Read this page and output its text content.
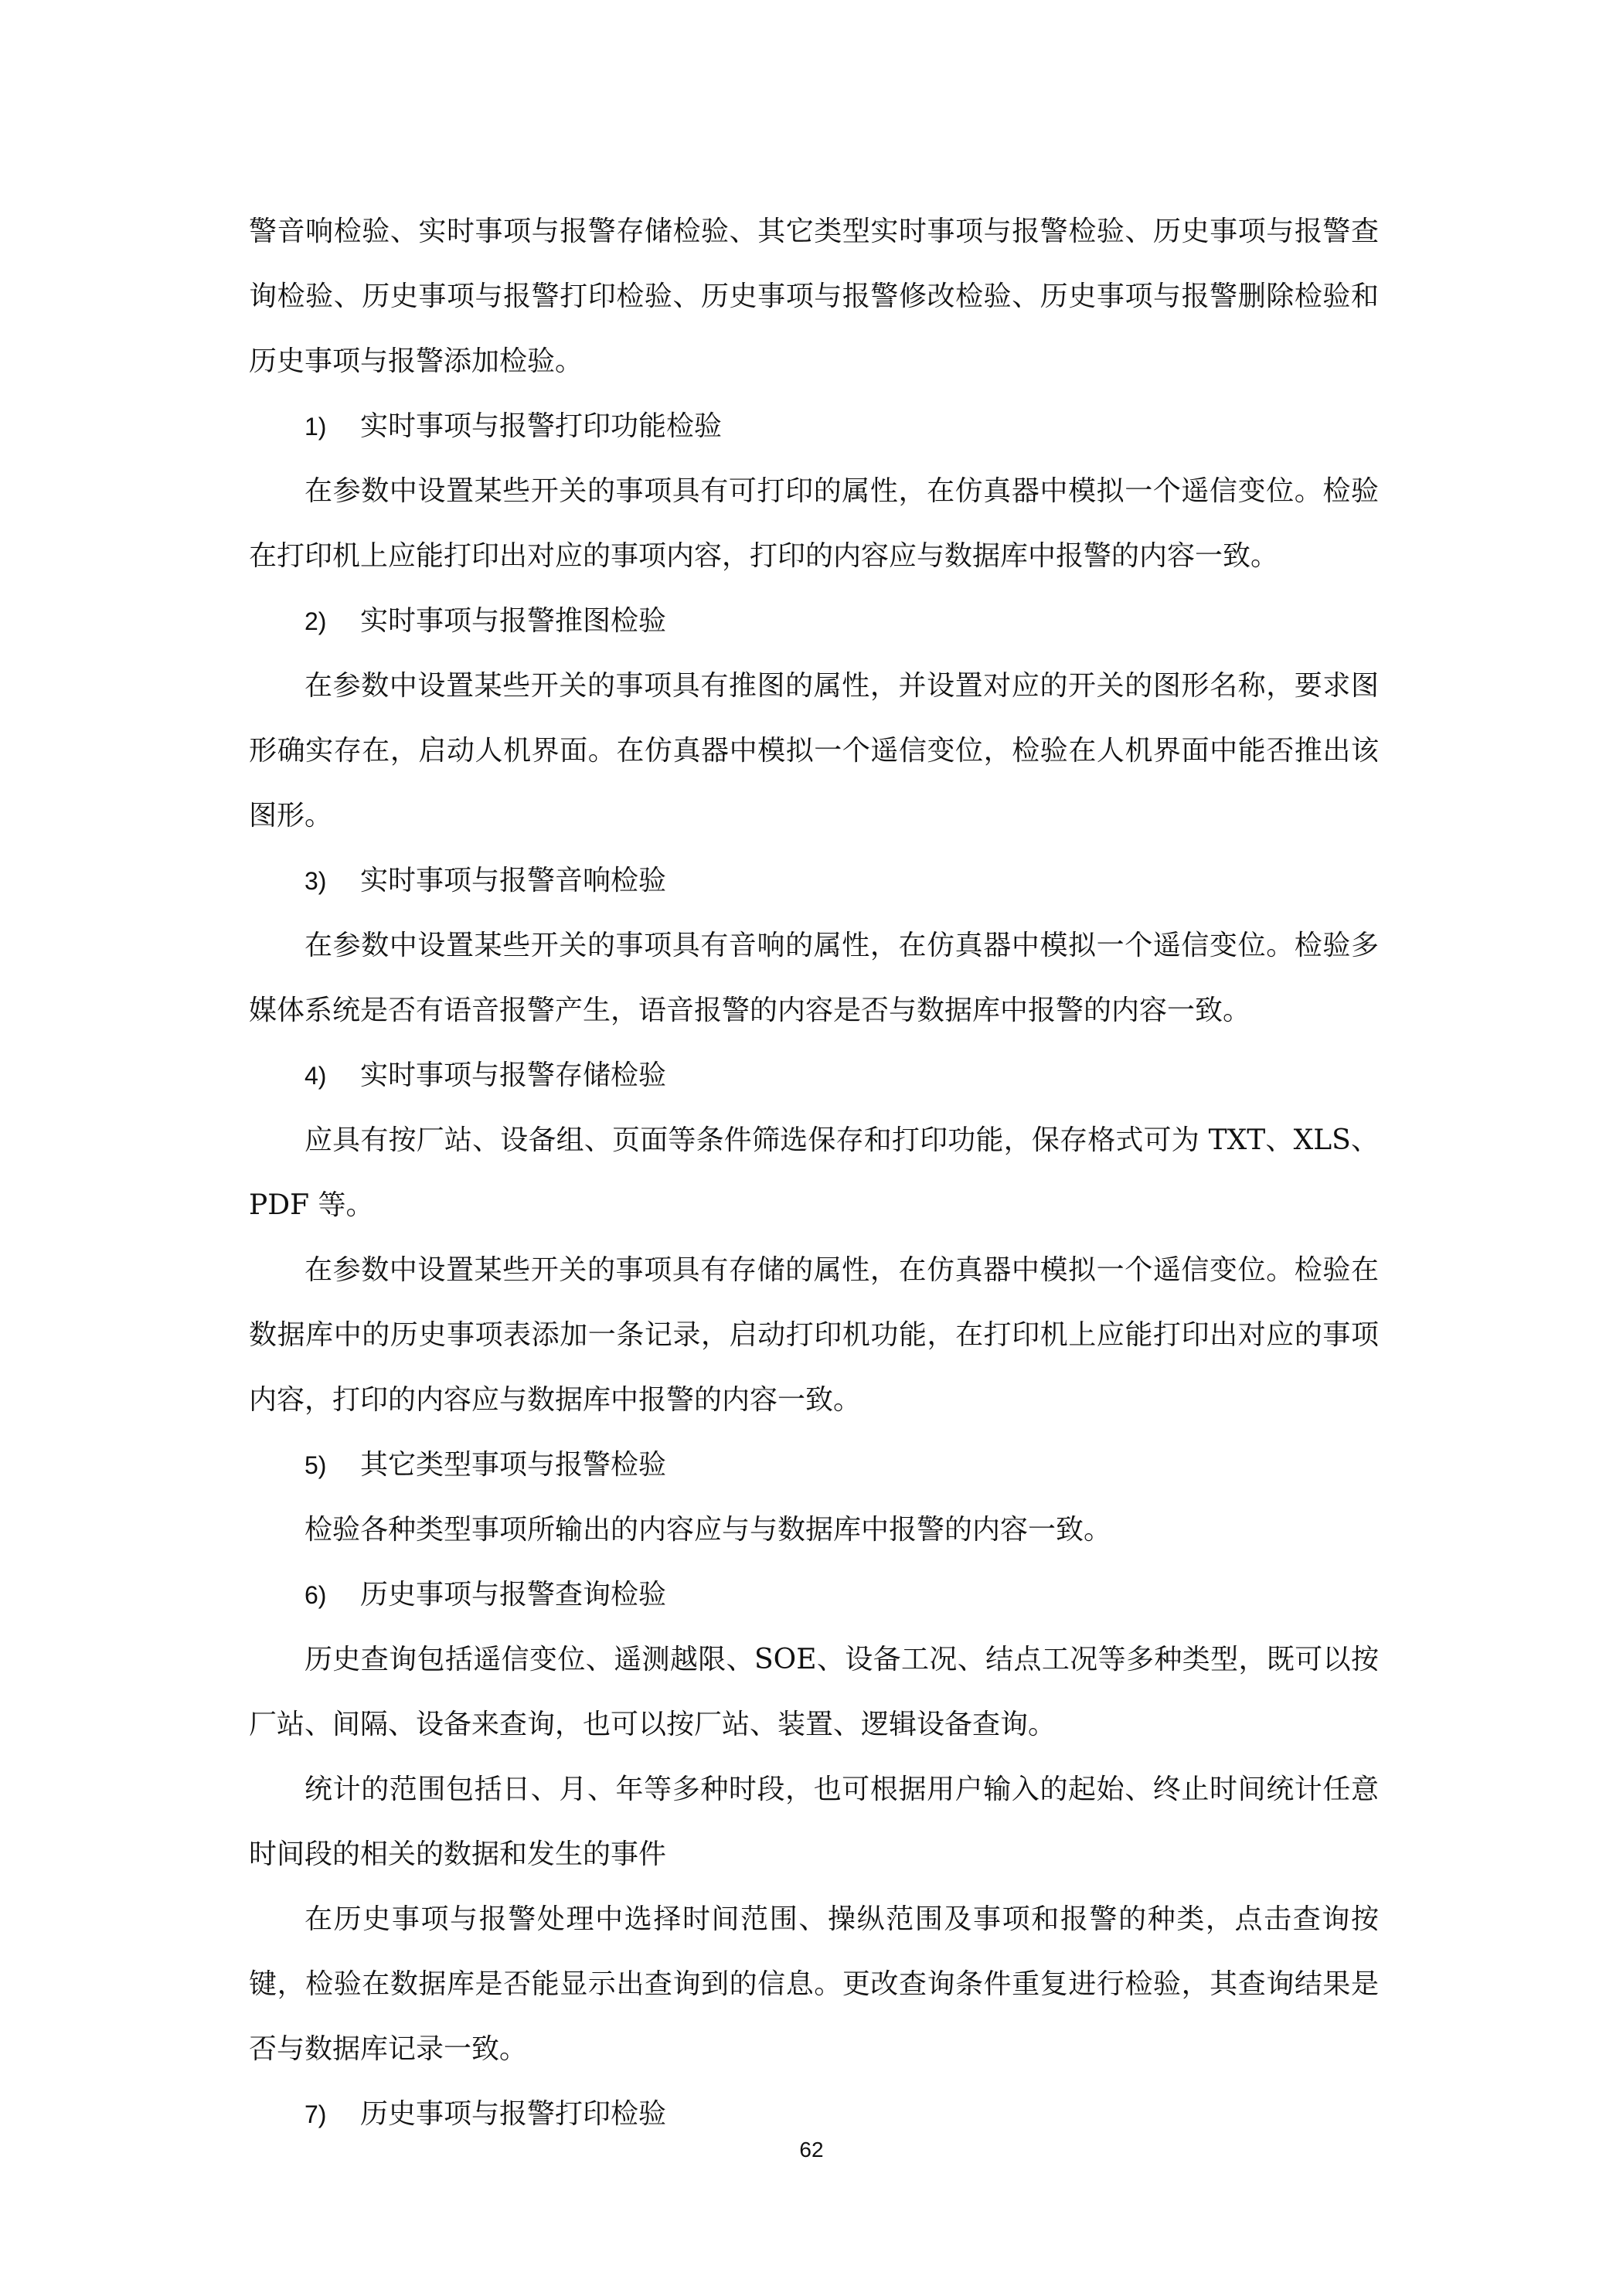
警音响检验、实时事项与报警存储检验、其它类型实时事项与报警检验、历史事项与报警查询检验、历史事项与报警打印检验、历史事项与报警修改检验、历史事项与报警删除检验和历史事项与报警添加检验。

1) 实时事项与报警打印功能检验

在参数中设置某些开关的事项具有可打印的属性，在仿真器中模拟一个遥信变位。检验在打印机上应能打印出对应的事项内容，打印的内容应与数据库中报警的内容一致。

2) 实时事项与报警推图检验

在参数中设置某些开关的事项具有推图的属性，并设置对应的开关的图形名称，要求图形确实存在，启动人机界面。在仿真器中模拟一个遥信变位，检验在人机界面中能否推出该图形。

3) 实时事项与报警音响检验

在参数中设置某些开关的事项具有音响的属性，在仿真器中模拟一个遥信变位。检验多媒体系统是否有语音报警产生，语音报警的内容是否与数据库中报警的内容一致。

4) 实时事项与报警存储检验

应具有按厂站、设备组、页面等条件筛选保存和打印功能，保存格式可为 TXT、XLS、PDF 等。

在参数中设置某些开关的事项具有存储的属性，在仿真器中模拟一个遥信变位。检验在数据库中的历史事项表添加一条记录，启动打印机功能，在打印机上应能打印出对应的事项内容，打印的内容应与数据库中报警的内容一致。

5) 其它类型事项与报警检验

检验各种类型事项所输出的内容应与与数据库中报警的内容一致。

6) 历史事项与报警查询检验

历史查询包括遥信变位、遥测越限、SOE、设备工况、结点工况等多种类型，既可以按厂站、间隔、设备来查询，也可以按厂站、装置、逻辑设备查询。

统计的范围包括日、月、年等多种时段，也可根据用户输入的起始、终止时间统计任意时间段的相关的数据和发生的事件

在历史事项与报警处理中选择时间范围、操纵范围及事项和报警的种类，点击查询按键，检验在数据库是否能显示出查询到的信息。更改查询条件重复进行检验，其查询结果是否与数据库记录一致。

7) 历史事项与报警打印检验

62
